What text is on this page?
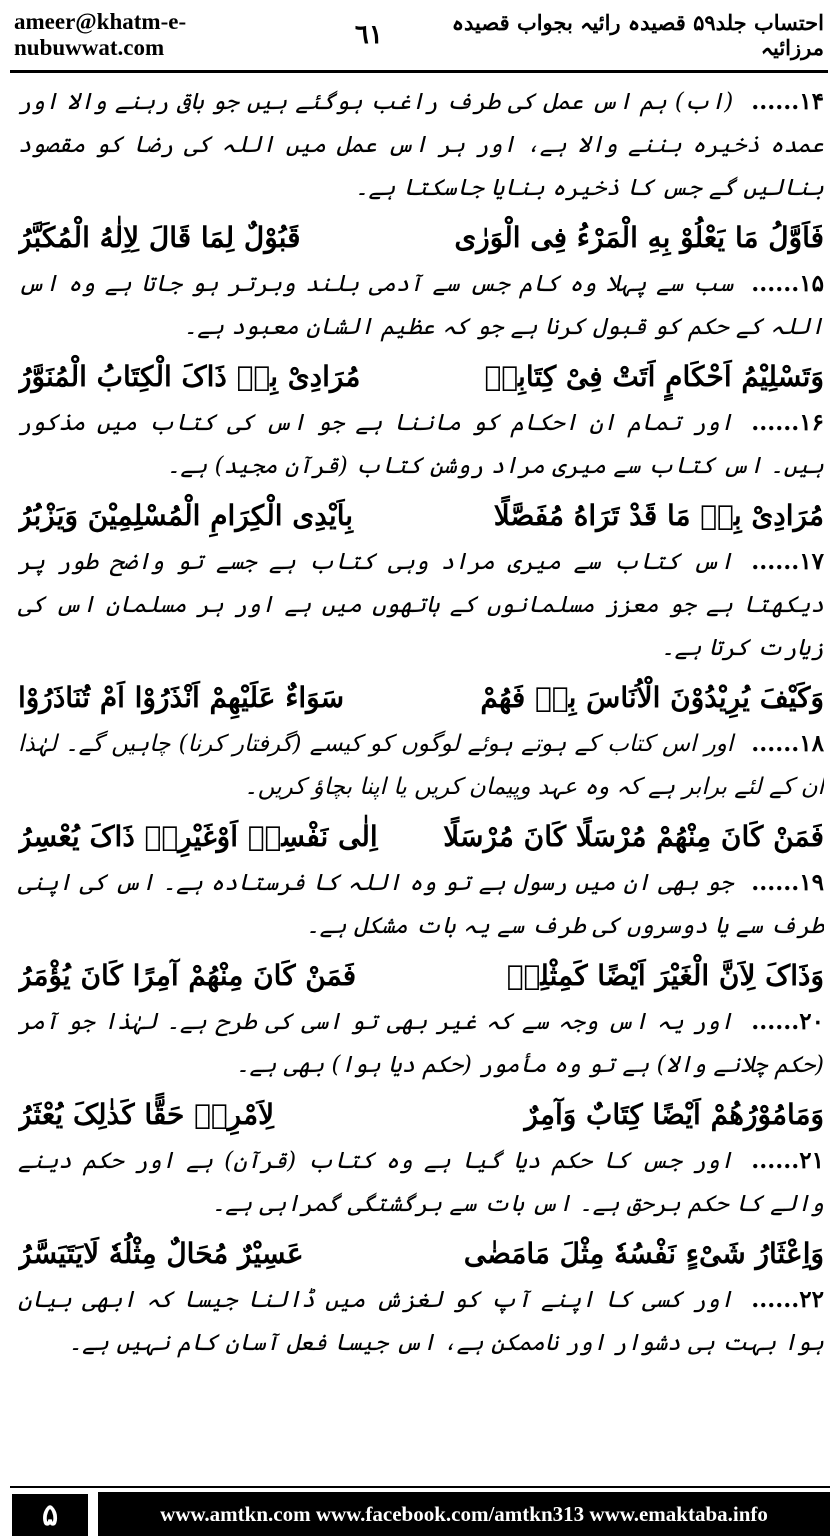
ameer@khatm-e-nubuwwat.com	٦١	احتساب جلد۵۹ قصیدہ رائیہ بجواب قصیدہ مرزائیہ
۱۴......(اب) ہم اس عمل کی طرف راغب ہوگئے ہیں جو باقی رہنے والا اور عمدہ ذخیرہ بننے والا ہے، اور ہر اس عمل میں اللہ کی رضا کو مقصود بنالیں گے جس کا ذخیرہ بنایا جاسکتا ہے۔
فَاَوَّلُ مَا یَعْلُوْ بِهِ الْمَرْءُ فِی الْوَرٰی
قَبُوْلٌ لِمَا قَالَ لِاِلٰهُ الْمُکَبَّرُ
۱۵......سب سے پہلا وہ کام جس سے آدمی بلند وبرتر ہو جاتا ہے وہ اس اللہ کے حکم کو قبول کرنا ہے جو کہ عظیم الشان معبود ہے۔
وَتَسْلِیْمُ اَحْکَامٍ اَتَتْ فِیْ کِتَابِهٖ
مُرَادِیْ بِهٖ ذَاکَ الْکِتَابُ الْمُنَوَّرُ
۱۶......اور تمام ان احکام کو ماننا ہے جو اس کی کتاب میں مذکور ہیں۔ اس کتاب سے میری مراد روشن کتاب (قرآن مجید) ہے۔
مُرَادِیْ بِهٖ مَا قَدْ تَرَاهُ مُفَصَّلًا
بِاَیْدِی الْکِرَامِ الْمُسْلِمِیْنَ وَیَزْبُرُ
۱۷......اس کتاب سے میری مراد وہی کتاب ہے جسے تو واضح طور پر دیکھتا ہے جو معزز مسلمانوں کے ہاتھوں میں ہے اور ہر مسلمان اس کی زیارت کرتا ہے۔
وَکَیْفَ یُرِیْدُوْنَ الْاُنَاسَ بِهٖ فَهُمْ
سَوَاءٌ عَلَیْهِمْ اَنْذَرُوْا اَمْ تُنَاذَرُوْا
۱۸......اور اس کتاب کے ہوتے ہوئے لوگوں کو کیسے (گرفتار کرنا) چاہیں گے۔ لہٰذا ان کے لئے برابر ہے کہ وہ عہد وپیمان کریں یا اپنا بچاؤ کریں۔
فَمَنْ کَانَ مِنْهُمْ مُرْسَلًا کَانَ مُرْسَلًا
اِلٰی نَفْسِهٖ اَوْغَیْرِهٖ ذَاکَ یُعْسِرُ
۱۹......جو بھی ان میں رسول ہے تو وہ اللہ کا فرستادہ ہے۔ اس کی اپنی طرف سے یا دوسروں کی طرف سے یہ بات مشکل ہے۔
وَذَاکَ لِاَنَّ الْغَیْرَ اَیْضًا کَمِثْلِهٖ
فَمَنْ کَانَ مِنْهُمْ آمِرًا کَانَ یُؤْمَرُ
۲۰......اور یہ اس وجہ سے کہ غیر بھی تو اسی کی طرح ہے۔ لہٰذا جو آمر (حکم چلانے والا) ہے تو وہ مأمور (حکم دیا ہوا) بھی ہے۔
وَمَامُوْرُهُمْ اَیْضًا کِتَابٌ وَآمِرٌ
لِاَمْرِهٖ حَقًّا کَذٰلِکَ یُعْثَرُ
۲۱......اور جس کا حکم دیا گیا ہے وہ کتاب (قرآن) ہے اور حکم دینے والے کا حکم برحق ہے۔ اس بات سے برگشتگی گمراہی ہے۔
وَاِعْثَارُ شَیْءٍ نَفْسُهٗ مِثْلَ مَامَضٰی
عَسِیْرٌ مُحَالٌ مِثْلُهٗ لَایَتَیَسَّرُ
۲۲......اور کسی کا اپنے آپ کو لغزش میں ڈالنا جیسا کہ ابھی بیان ہوا بہت ہی دشوار اور ناممکن ہے، اس جیسا فعل آسان کام نہیں ہے۔
۵	www.amtkn.com www.facebook.com/amtkn313 www.emaktaba.info
